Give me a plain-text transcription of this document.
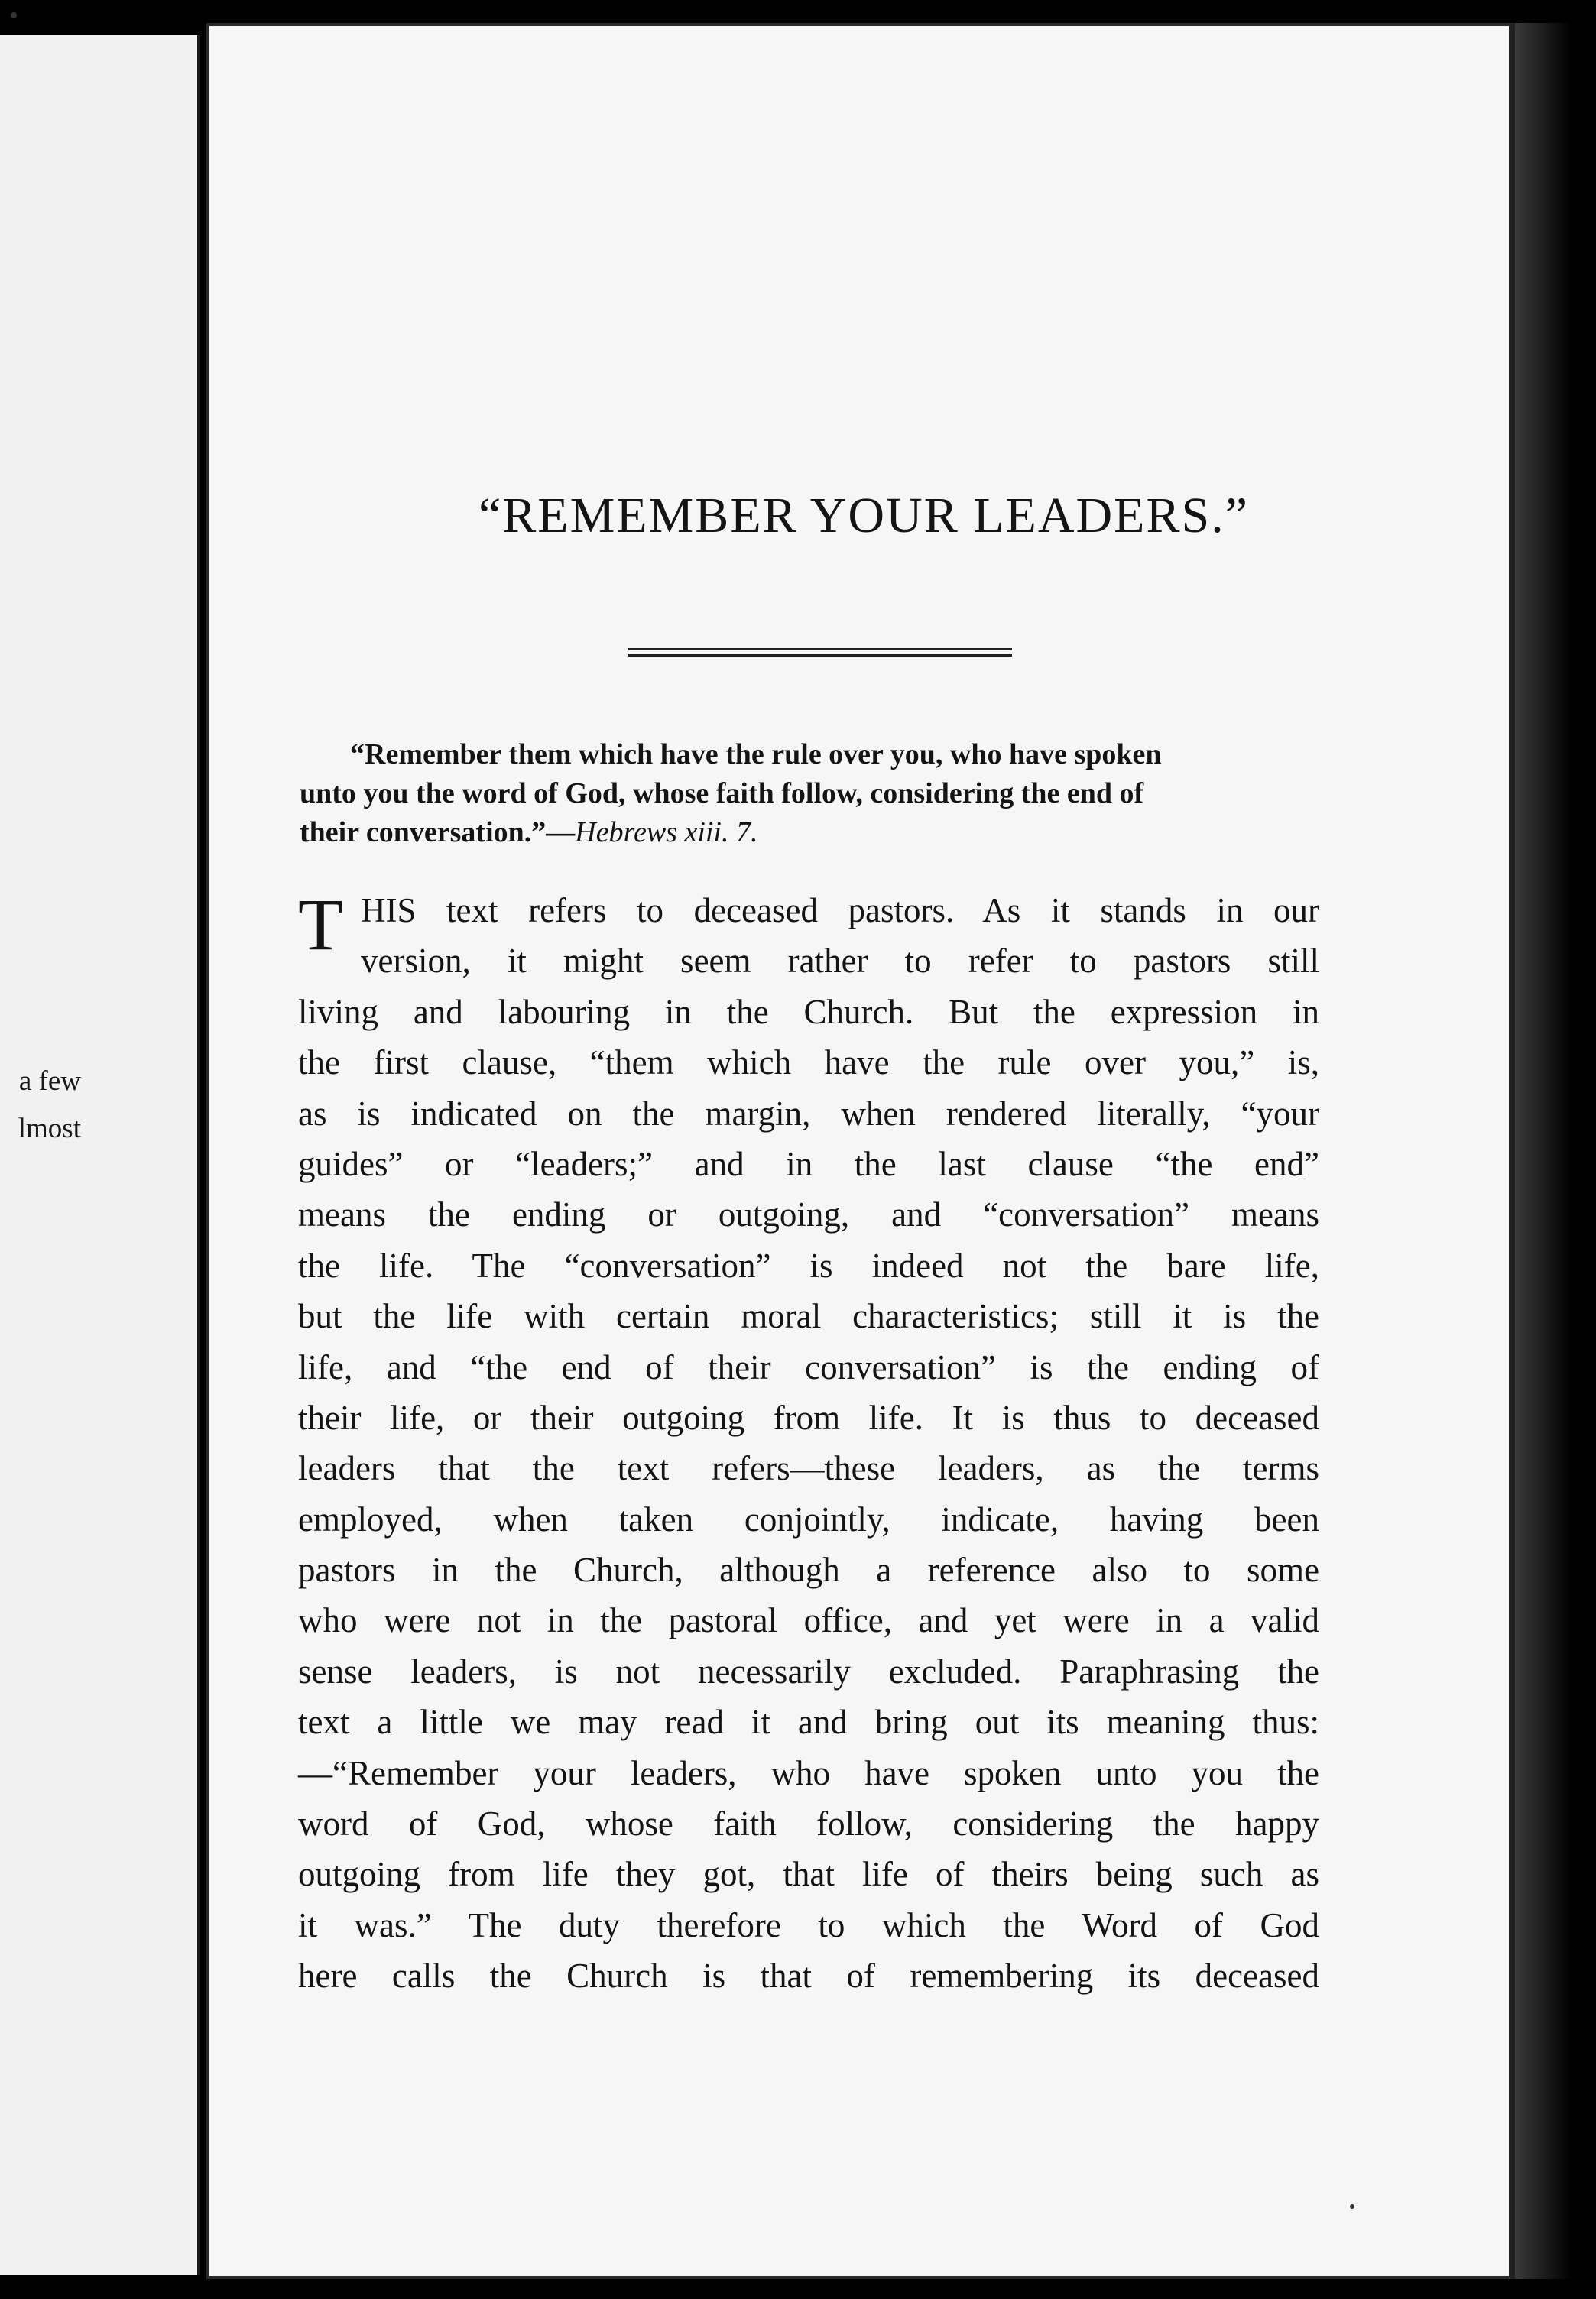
a few
lmost
“REMEMBER YOUR LEADERS.”

“Remember them which have the rule over you, who have spoken
unto you the word of God, whose faith follow, considering the end of
their conversation.”—Hebrews xiii. 7.

T HIS text refers to deceased pastors. As it stands in our
version, it might seem rather to refer to pastors still
living and labouring in the Church. But the expression in
the first clause, “them which have the rule over you,” is,
as is indicated on the margin, when rendered literally, “your
guides” or “leaders;” and in the last clause “the end”
means the ending or outgoing, and “conversation” means
the life. The “conversation” is indeed not the bare life,
but the life with certain moral characteristics; still it is the
life, and “the end of their conversation” is the ending of
their life, or their outgoing from life. It is thus to deceased
leaders that the text refers—these leaders, as the terms
employed, when taken conjointly, indicate, having been
pastors in the Church, although a reference also to some
who were not in the pastoral office, and yet were in a valid
sense leaders, is not necessarily excluded. Paraphrasing the
text a little we may read it and bring out its meaning thus:
—“Remember your leaders, who have spoken unto you the
word of God, whose faith follow, considering the happy
outgoing from life they got, that life of theirs being such as
it was.” The duty therefore to which the Word of God
here calls the Church is that of remembering its deceased
